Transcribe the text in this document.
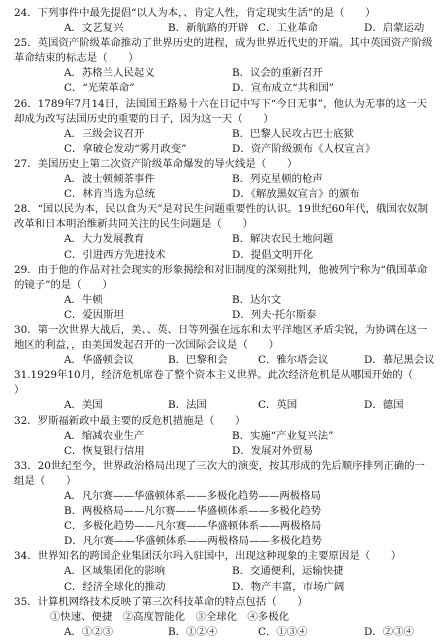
24．下列事件中最先提倡“以人为本，、肯定人性，肯定现实生活”的是（　　）
A．文艺复兴	B．新航路的开辟 C．工业革命	D．启蒙运动
25．英国资产阶级革命推动了世界历史的进程，成为世界近代史的开端。其中英国资产阶级革命结束的标志是（　　）
A．苏格兰人民起义	B．议会的重新召开
C．“光荣革命”	D．宣布成立“共和国”
26．1789年7月14日，法国国王路易十六在日记中写下“今日无事”，他认为无事的这一天却成为改写法国历史的重要的日子，因为这一天（　　）
A．三级会议召开	B．巴黎人民攻占巴士底狱
C．拿破仑发动“雾月政变”	D．资产阶级颁布《人权宣言》
27．美国历史上第二次资产阶级革命爆发的导火线是（　　）
A．波士顿倾茶事件	B．列克星顿的枪声
C．林肯当选为总统	D．《解放黑奴宣言》的颁布
28．“国以民为本，民以食为天”是对民生问题重要性的认识。19世纪60年代，俄国农奴制改革和日本明治维新共同关注的民生问题是（　　）
A．大力发展教育	B．解决农民土地问题
C．引进西方先进技术	D．提倡文明开化
29．由于他的作品对社会现实的形象揭绘和对旧制度的深刻批判，他被列宁称为“俄国革命的镜子”的是（　　）
A．牛顿	B．达尔文
C．爱因斯坦	D．列夫·托尔斯泰
30．第一次世界大战后，美、、英、日等列强在远东和太平洋地区矛盾尖锐，为协调在这一地区的利益，，由美国发起召开的一次国际会议是（　　）
A．华盛顿会议	B．巴黎和会	C．雅尔塔会议	D．慕尼黑会议
31.1929年10月，经济危机席卷了整个资本主义世界。此次经济危机是从哪国开始的（　　）
A．美国	B．法国	C．英国	D．德国
32．罗斯福新政中最主要的反危机措施是（　　）
A．缩减农业生产	B．实施“产业复兴法”
C．恢复银行信用	D．发展对外贸易
33．20世纪至今，世界政治格局出现了三次大的演变，按其形成的先后顺序排列正确的一组是（　　）
A．凡尔赛——华盛顿体系——多极化趋势——两极格局
B．两极格局——凡尔赛——华盛顿体系——多极化趋势
C．多极化趋势——凡尔赛——华盛顿体系——两极格局
D．凡尔赛——华盛顿体系——两极格局——多极化趋势
34．世界知名的跨国企业集团沃尔玛入驻国中，出现这种现象的主要原因是（　　）
A．区域集团化的影响	B．交通便利，运输快捷
C．经济全球化的推动	D．物产丰富，市场广阔
35．计算机网络技术反映了第三次科技革命的特点包括（　　）
①快速、便捷　②高度智能化　③全球化　④多极化
A．①②③	B．①②④	C．①③④	D．②③④
